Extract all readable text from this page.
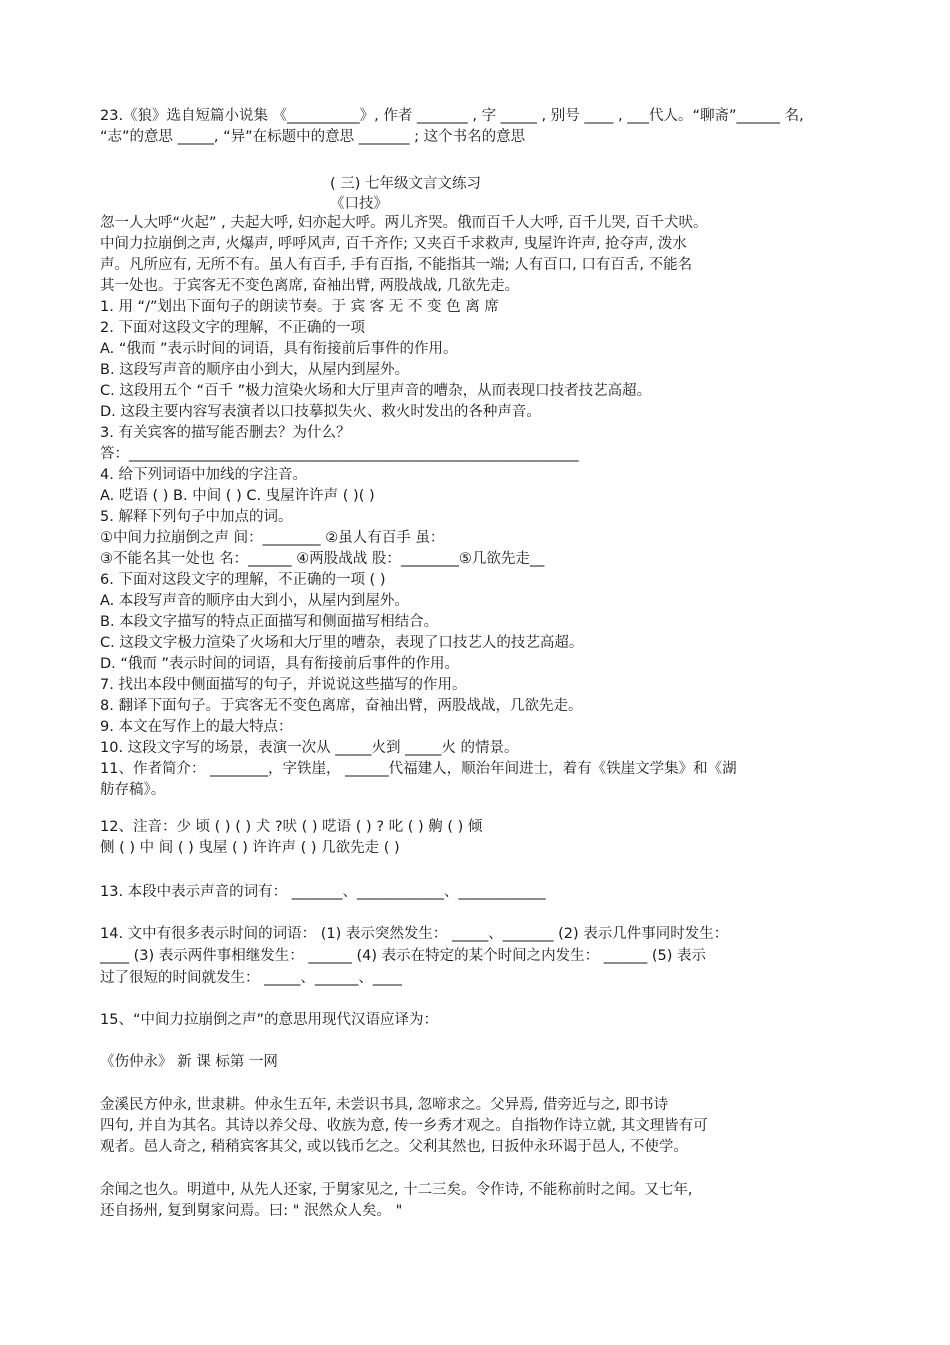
23.《狼》选自短篇小说集 《__________》, 作者 _______ , 字 _____ , 别号 ____ , ___代人。“聊斋”______ 名,
“志”的意思 _____, “异”在标题中的意思 _______ ; 这个书名的意思
( 三) 七年级文言文练习
《口技》
忽一人大呼“火起” , 夫起大呼, 妇亦起大呼。两儿齐哭。俄而百千人大呼, 百千儿哭, 百千犬吠。
中间力拉崩倒之声, 火爆声, 呼呼风声, 百千齐作; 又夹百千求救声, 曳屋许许声, 抢夺声, 泼水
声。凡所应有, 无所不有。虽人有百手, 手有百指, 不能指其一端; 人有百口, 口有百舌, 不能名
其一处也。于宾客无不变色离席, 奋袖出臂, 两股战战, 几欲先走。
1. 用 “/”划出下面句子的朗读节奏。于 宾 客 无 不 变 色 离 席
2. 下面对这段文字的理解，不正确的一项
A. “俄而 ”表示时间的词语，具有衔接前后事件的作用。
B. 这段写声音的顺序由小到大，从屋内到屋外。
C. 这段用五个 “百千 ”极力渲染火场和大厅里声音的嘈杂，从而表现口技者技艺高超。
D. 这段主要内容写表演者以口技摹拟失火、救火时发出的各种声音。
3. 有关宾客的描写能否删去？为什么？
答：______________________________________________________________
4. 给下列词语中加线的字注音。
A. 呓语 ( ) B. 中间 ( ) C. 曳屋许许声 ( )( )
5. 解释下列句子中加点的词。
①中间力拉崩倒之声 间：________ ②虽人有百手 虽：
③不能名其一处也 名：______ ④两股战战 股：________⑤几欲先走__
6. 下面对这段文字的理解，不正确的一项 ( )
A. 本段写声音的顺序由大到小，从屋内到屋外。
B. 本段文字描写的特点正面描写和侧面描写相结合。
C. 这段文字极力渲染了火场和大厅里的嘈杂，表现了口技艺人的技艺高超。
D. “俄而 ”表示时间的词语，具有衔接前后事件的作用。
7. 找出本段中侧面描写的句子，并说说这些描写的作用。
8. 翻译下面句子。于宾客无不变色离席，奋袖出臂，两股战战，几欲先走。
9. 本文在写作上的最大特点：
10. 这段文字写的场景，表演一次从 _____火到 _____火 的情景。
11、作者简介： ________，字铁崖， ______代福建人，顺治年间进士，着有《铁崖文学集》和《湖
舫存稿》。
12、注音：少 顷 ( ) ( ) 犬 ?吠 ( ) 呓语 ( ) ? 叱 ( ) 齁 ( ) 倾
侧 ( ) 中 间 ( ) 曳屋 ( ) 许许声 ( ) 几欲先走 ( )
13. 本段中表示声音的词有： _______、____________、____________
14. 文中有很多表示时间的词语： (1) 表示突然发生： _____、_______ (2) 表示几件事同时发生：
____ (3) 表示两件事相继发生： ______ (4) 表示在特定的某个时间之内发生： ______ (5) 表示
过了很短的时间就发生： _____、______、____
15、“中间力拉崩倒之声”的意思用现代汉语应译为：
《伤仲永》 新 课 标第 一网
金溪民方仲永, 世隶耕。仲永生五年, 未尝识书具, 忽啼求之。父异焉, 借旁近与之, 即书诗
四句, 并自为其名。其诗以养父母、收族为意, 传一乡秀才观之。自指物作诗立就, 其文理皆有可
观者。邑人奇之, 稍稍宾客其父, 或以钱币乞之。父利其然也, 日扳仲永环谒于邑人, 不使学。
余闻之也久。明道中, 从先人还家, 于舅家见之, 十二三矣。令作诗, 不能称前时之闻。又七年,
还自扬州, 复到舅家问焉。曰: " 泯然众人矣。 "
